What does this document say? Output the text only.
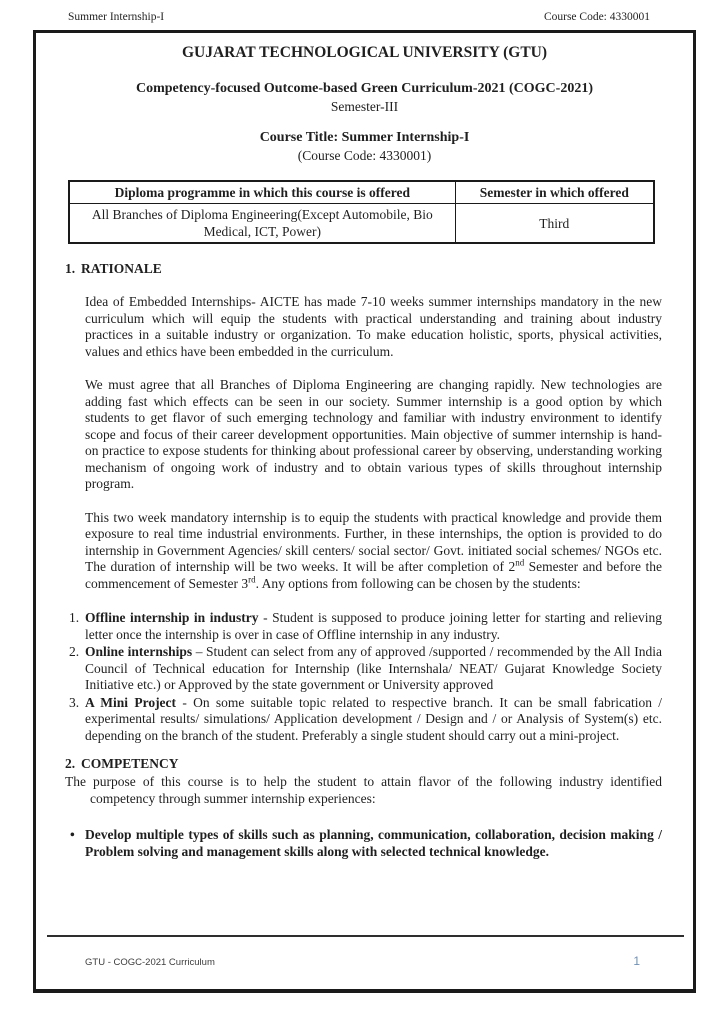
Summer Internship-I	Course Code: 4330001
GUJARAT TECHNOLOGICAL UNIVERSITY (GTU)
Competency-focused Outcome-based Green Curriculum-2021 (COGC-2021)
Semester-III
Course Title: Summer Internship-I
(Course Code: 4330001)
Diploma programme in which this course is offered	Semester in which offered
All Branches of Diploma Engineering(Except Automobile, Bio Medical, ICT, Power)	Third
1. RATIONALE
Idea of Embedded Internships- AICTE has made 7-10 weeks summer internships mandatory in the new curriculum which will equip the students with practical understanding and training about industry practices in a suitable industry or organization. To make education holistic, sports, physical activities, values and ethics have been embedded in the curriculum.
We must agree that all Branches of Diploma Engineering are changing rapidly. New technologies are adding fast which effects can be seen in our society. Summer internship is a good option by which students to get flavor of such emerging technology and familiar with industry environment to identify scope and focus of their career development opportunities. Main objective of summer internship is hand-on practice to expose students for thinking about professional career by observing, understanding working mechanism of ongoing work of industry and to obtain various types of skills throughout internship program.
This two week mandatory internship is to equip the students with practical knowledge and provide them exposure to real time industrial environments. Further, in these internships, the option is provided to do internship in Government Agencies/ skill centers/ social sector/ Govt. initiated social schemes/ NGOs etc. The duration of internship will be two weeks. It will be after completion of 2nd Semester and before the commencement of Semester 3rd. Any options from following can be chosen by the students:
1. Offline internship in industry - Student is supposed to produce joining letter for starting and relieving letter once the internship is over in case of Offline internship in any industry.
2. Online internships – Student can select from any of approved /supported / recommended by the All India Council of Technical education for Internship (like Internshala/ NEAT/ Gujarat Knowledge Society Initiative etc.) or Approved by the state government or University approved
3. A Mini Project - On some suitable topic related to respective branch. It can be small fabrication / experimental results/ simulations/ Application development / Design and / or Analysis of System(s) etc. depending on the branch of the student. Preferably a single student should carry out a mini-project.
2. COMPETENCY
The purpose of this course is to help the student to attain flavor of the following industry identified competency through summer internship experiences:
• Develop multiple types of skills such as planning, communication, collaboration, decision making / Problem solving and management skills along with selected technical knowledge.
GTU - COGC-2021 Curriculum	1
